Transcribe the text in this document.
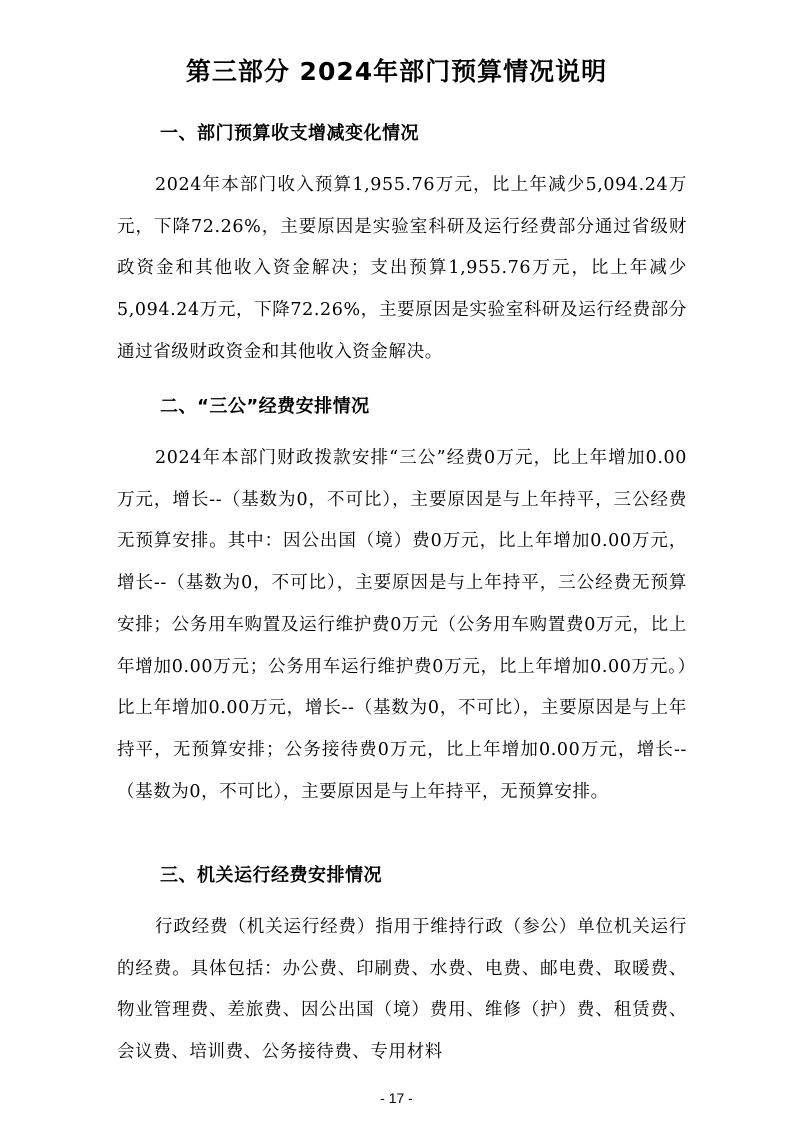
第三部分 2024年部门预算情况说明
一、部门预算收支增减变化情况

2024年本部门收入预算1,955.76万元，比上年减少5,094.24万元，下降72.26%，主要原因是实验室科研及运行经费部分通过省级财政资金和其他收入资金解决；支出预算1,955.76万元，比上年减少5,094.24万元，下降72.26%，主要原因是实验室科研及运行经费部分通过省级财政资金和其他收入资金解决。

二、“三公”经费安排情况

2024年本部门财政拨款安排“三公”经费0万元，比上年增加0.00万元，增长--（基数为0，不可比），主要原因是与上年持平，三公经费无预算安排。其中：因公出国（境）费0万元，比上年增加0.00万元，增长--（基数为0，不可比），主要原因是与上年持平，三公经费无预算安排；公务用车购置及运行维护费0万元（公务用车购置费0万元，比上年增加0.00万元；公务用车运行维护费0万元，比上年增加0.00万元。）比上年增加0.00万元，增长--（基数为0，不可比），主要原因是与上年持平，无预算安排；公务接待费0万元，比上年增加0.00万元，增长--（基数为0，不可比），主要原因是与上年持平，无预算安排。

三、机关运行经费安排情况

行政经费（机关运行经费）指用于维持行政（参公）单位机关运行的经费。具体包括：办公费、印刷费、水费、电费、邮电费、取暖费、物业管理费、差旅费、因公出国（境）费用、维修（护）费、租赁费、会议费、培训费、公务接待费、专用材料

- 17 -
